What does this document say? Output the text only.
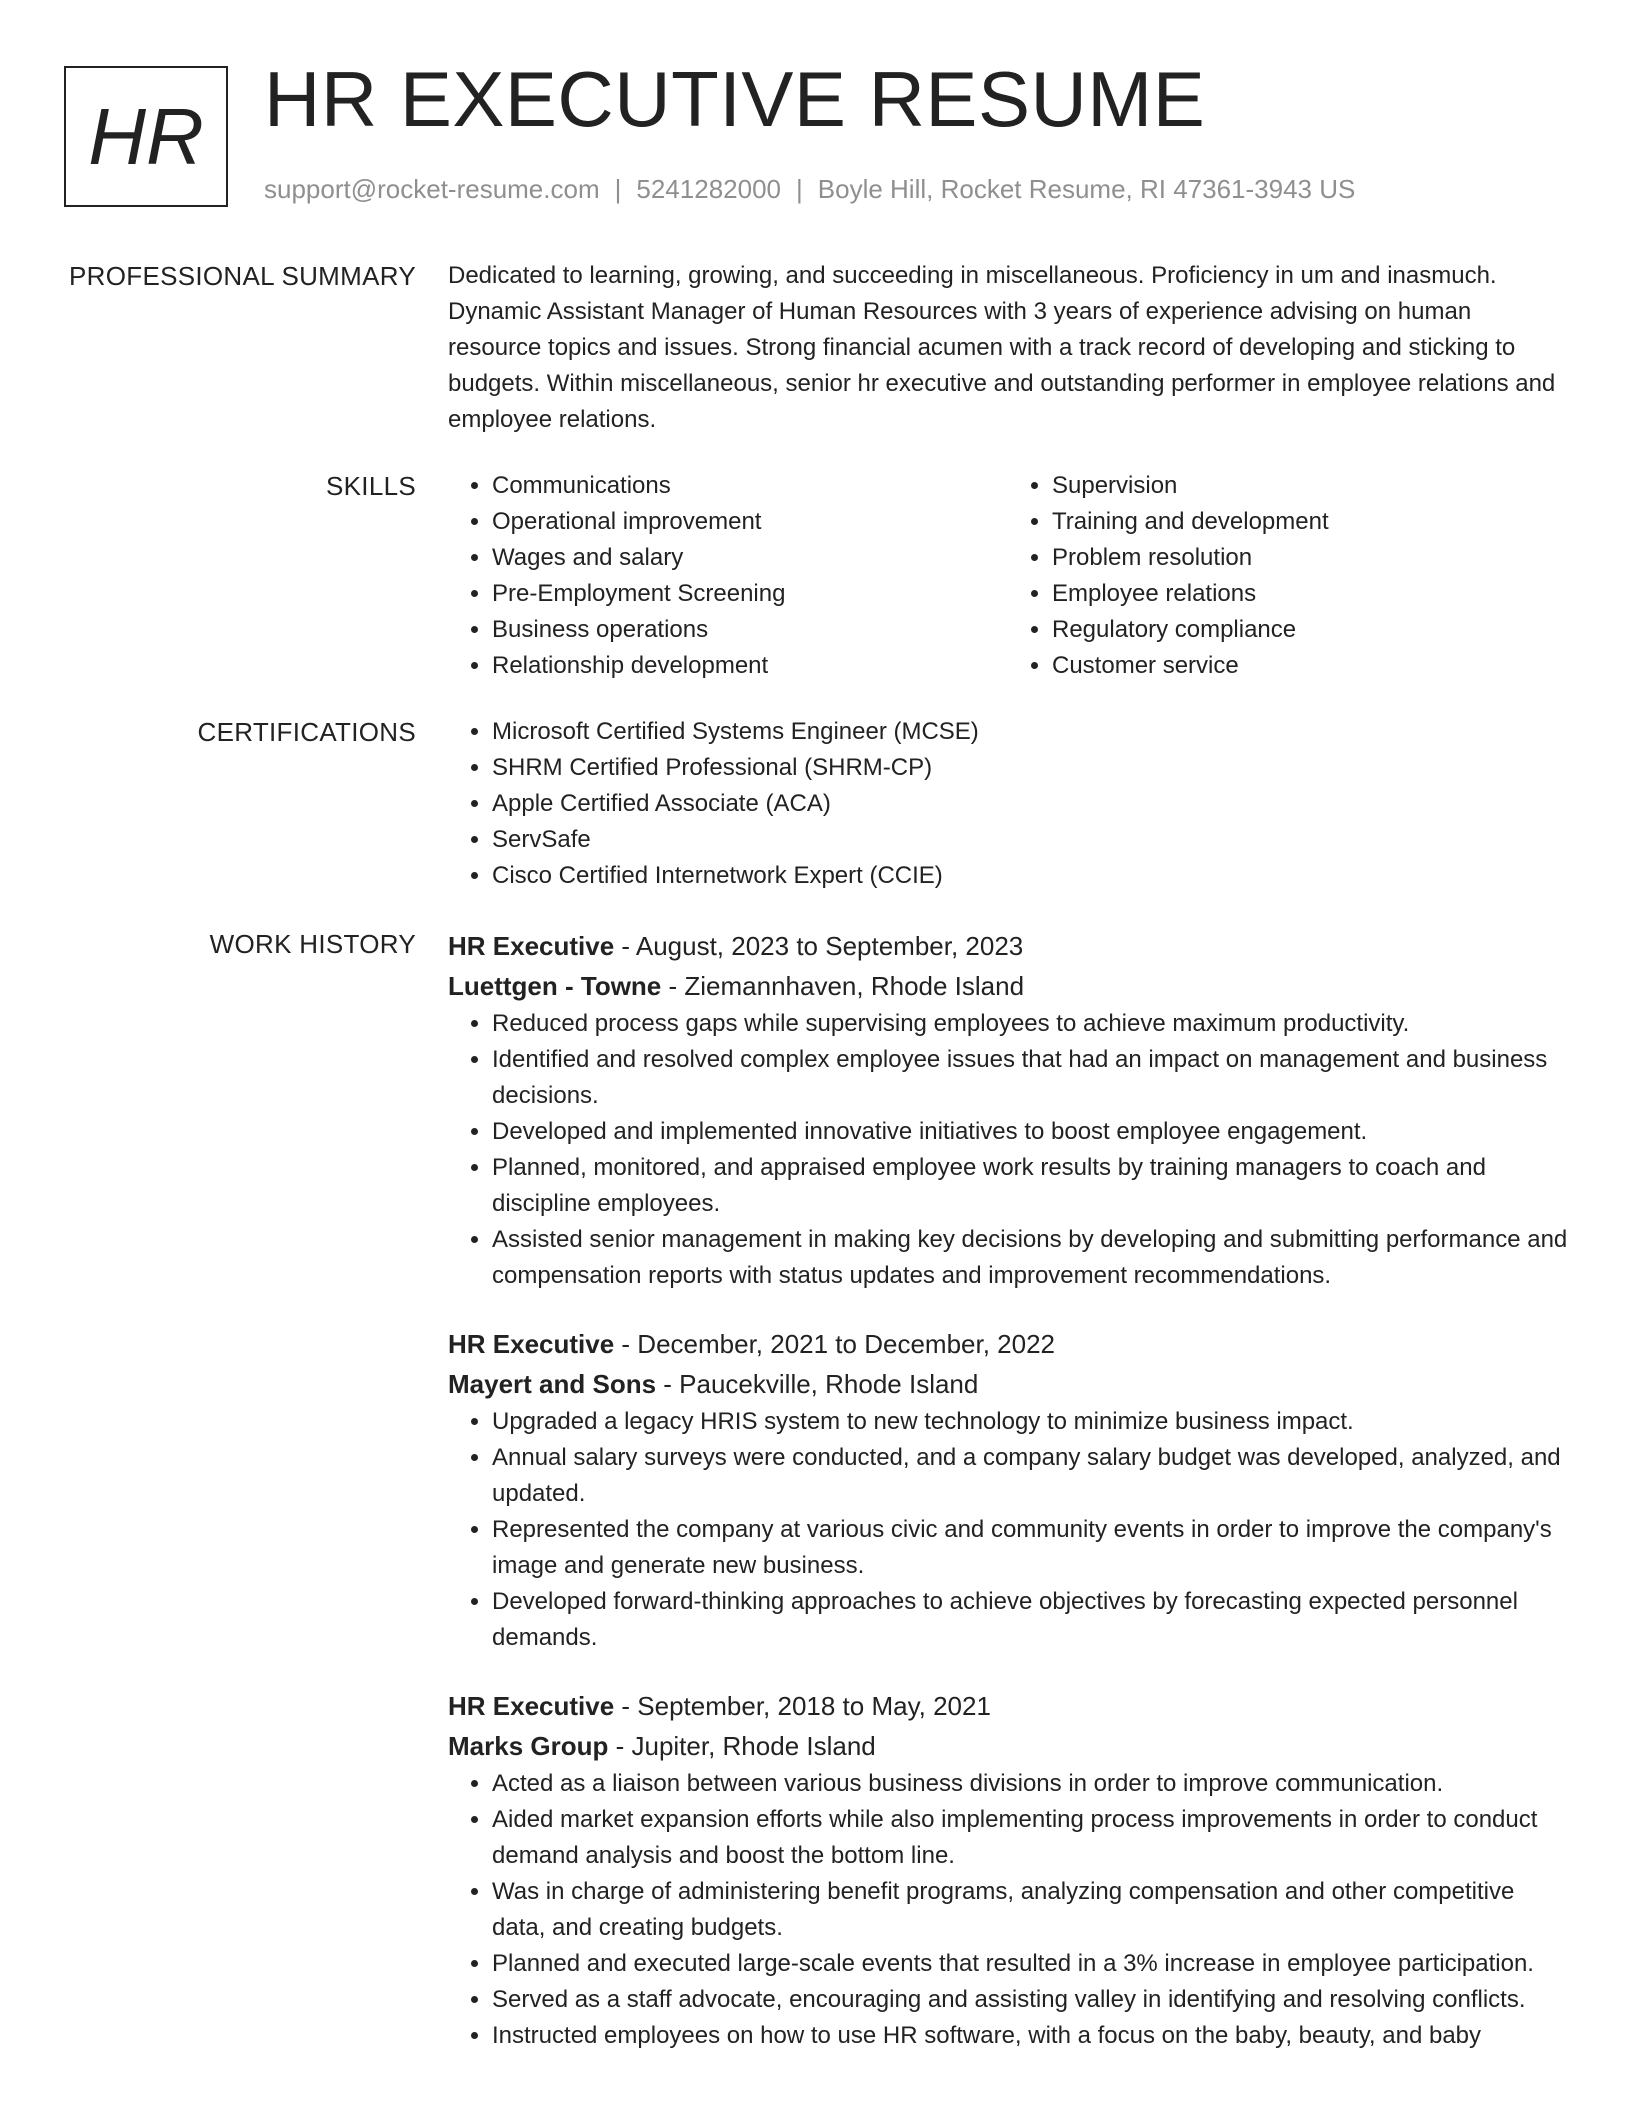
HR HR EXECUTIVE RESUME
support@rocket-resume.com | 5241282000 | Boyle Hill, Rocket Resume, RI 47361-3943 US
PROFESSIONAL SUMMARY Dedicated to learning, growing, and succeeding in miscellaneous. Proficiency in um and inasmuch. Dynamic Assistant Manager of Human Resources with 3 years of experience advising on human resource topics and issues. Strong financial acumen with a track record of developing and sticking to budgets. Within miscellaneous, senior hr executive and outstanding performer in employee relations and employee relations.

SKILLS	• Communications
• Operational improvement
• Wages and salary
• Pre-Employment Screening
• Business operations
• Relationship development
• Supervision
• Training and development
• Problem resolution
• Employee relations
• Regulatory compliance
• Customer service
CERTIFICATIONS	• Microsoft Certified Systems Engineer (MCSE)
• SHRM Certified Professional (SHRM-CP)
• Apple Certified Associate (ACA)
• ServSafe
• Cisco Certified Internetwork Expert (CCIE)
WORK HISTORY HR Executive - August, 2023 to September, 2023
Luettgen - Towne - Ziemannhaven, Rhode Island
• Reduced process gaps while supervising employees to achieve maximum productivity.
• Identified and resolved complex employee issues that had an impact on management and business decisions.
• Developed and implemented innovative initiatives to boost employee engagement.
• Planned, monitored, and appraised employee work results by training managers to coach and discipline employees.
• Assisted senior management in making key decisions by developing and submitting performance and compensation reports with status updates and improvement recommendations.
HR Executive - December, 2021 to December, 2022
Mayert and Sons - Paucekville, Rhode Island
• Upgraded a legacy HRIS system to new technology to minimize business impact.
• Annual salary surveys were conducted, and a company salary budget was developed, analyzed, and updated.
• Represented the company at various civic and community events in order to improve the company's image and generate new business.
• Developed forward-thinking approaches to achieve objectives by forecasting expected personnel demands.
HR Executive - September, 2018 to May, 2021
Marks Group - Jupiter, Rhode Island
• Acted as a liaison between various business divisions in order to improve communication.
• Aided market expansion efforts while also implementing process improvements in order to conduct demand analysis and boost the bottom line.
• Was in charge of administering benefit programs, analyzing compensation and other competitive data, and creating budgets.
• Planned and executed large-scale events that resulted in a 3% increase in employee participation.
• Served as a staff advocate, encouraging and assisting valley in identifying and resolving conflicts.
• Instructed employees on how to use HR software, with a focus on the baby, beauty, and baby
